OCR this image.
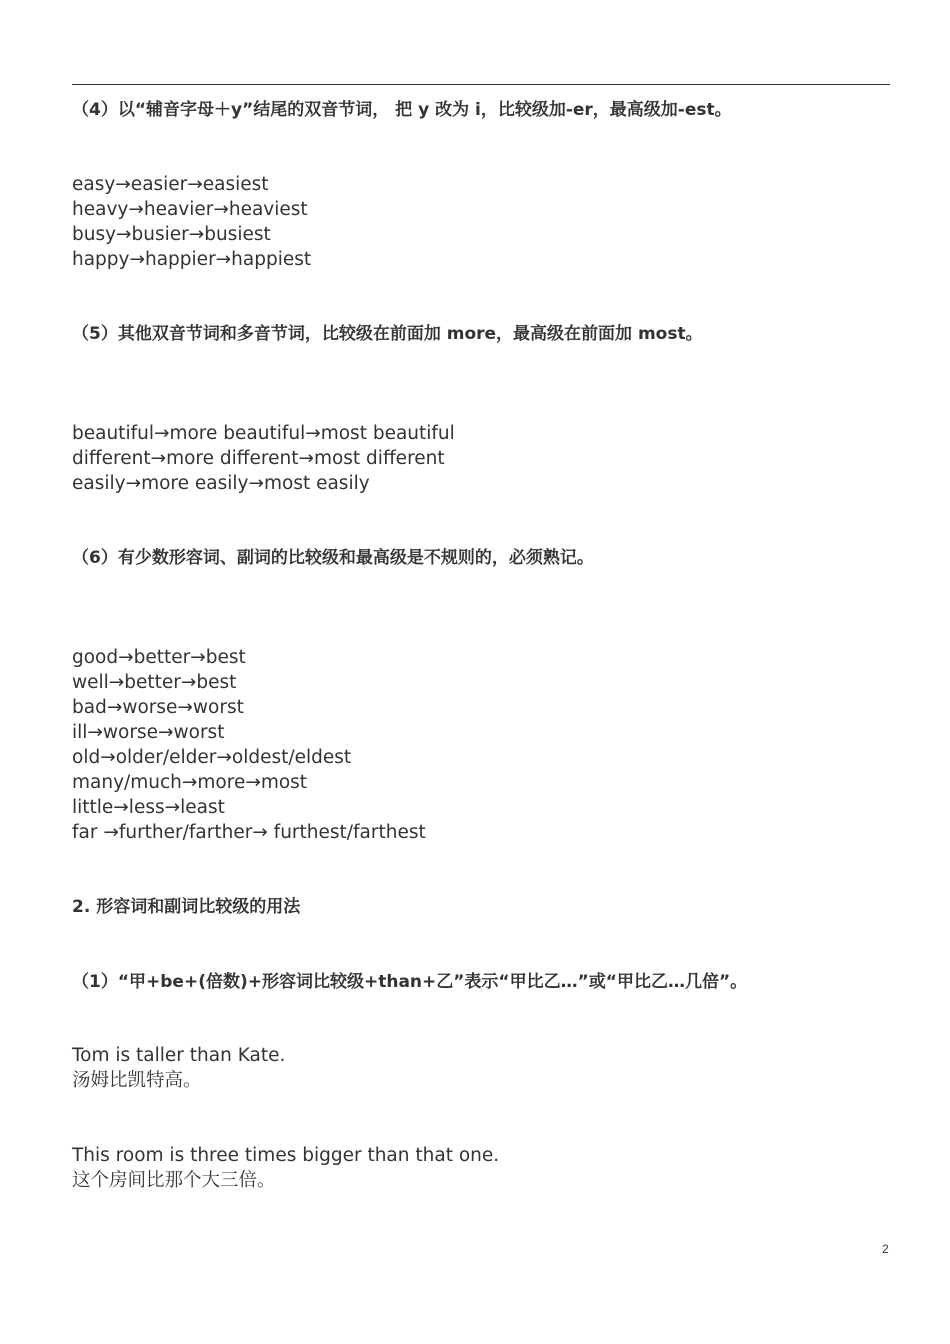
（4）以“辅音字母＋y”结尾的双音节词， 把 y 改为 i，比较级加-er，最高级加-est。
easy→easier→easiest
heavy→heavier→heaviest
busy→busier→busiest
happy→happier→happiest
（5）其他双音节词和多音节词，比较级在前面加 more，最高级在前面加 most。
beautiful→more beautiful→most beautiful
different→more different→most different
easily→more easily→most easily
（6）有少数形容词、副词的比较级和最高级是不规则的，必须熟记。
good→better→best
well→better→best
bad→worse→worst
ill→worse→worst
old→older/elder→oldest/eldest
many/much→more→most
little→less→least
far →further/farther→ furthest/farthest
2. 形容词和副词比较级的用法
（1）“甲+be+(倍数)+形容词比较级+than+乙”表示“甲比乙…”或“甲比乙…几倍”。
Tom is taller than Kate.
汤姆比凯特高。
This room is three times bigger than that one.
这个房间比那个大三倍。
2
